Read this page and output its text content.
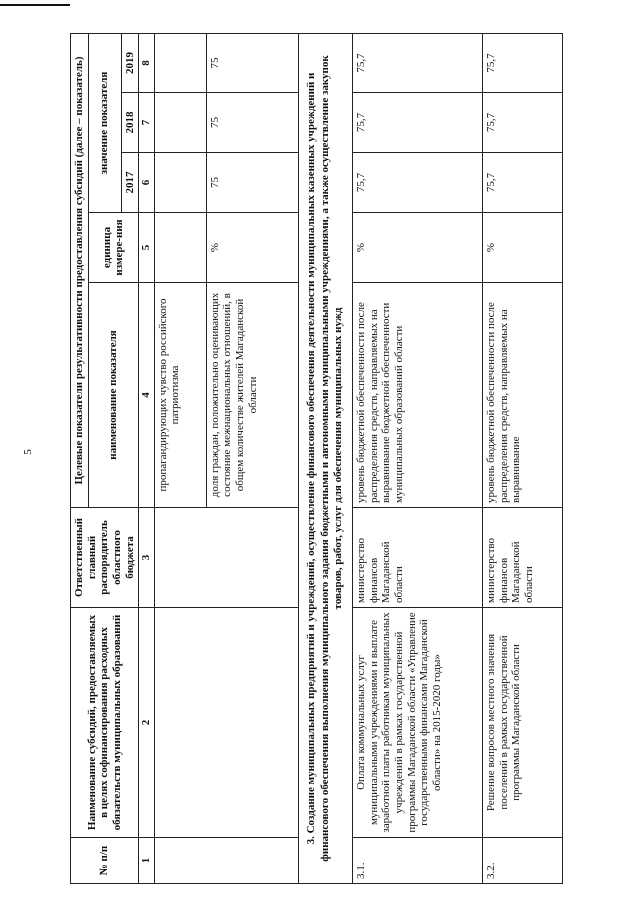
5
№ п/п	Наименование субсидий, предоставляемых в целях софинансирования расходных обязательств муниципальных образований	Ответственный главный распорядитель областного бюджета	Целевые показатели результативности предоставления субсидий (далее – показатель)				
			наименование показателя	единица измере-ния	значение показателя		
					2017	2018	2019
1	2	3	4	5	6	7	8
			пропагандирующих чувство российского патриотизма				
			доля граждан, положительно оценивающих состояние межнациональных отношений, в общем количестве жителей Магаданской области	%	75	75	75
3. Создание муниципальных предприятий и учреждений, осуществление финансового обеспечения деятельности муниципальных казенных учреждений и финансового обеспечения выполнения муниципального задания бюджетными и автономными муниципальными учреждениями, а также осуществление закупок товаров, работ, услуг для обеспечения муниципальных нужд							
3.1.	Оплата коммунальных услуг муниципальными учреждениями и выплате заработной платы работникам муниципальных учреждений в рамках государственной программы Магаданской области «Управление государственными финансами Магаданской области» на 2015-2020 годы»	министерство финансов Магаданской области	уровень бюджетной обеспеченности после распределения средств, направляемых на выравнивание бюджетной обеспеченности муниципальных образований области	%	75,7	75,7	75,7
3.2.	Решение вопросов местного значения поселений в рамках государственной программы Магаданской области	министерство финансов Магаданской области	уровень бюджетной обеспеченности после распределения средств, направляемых на выравнивание	%	75,7	75,7	75,7
